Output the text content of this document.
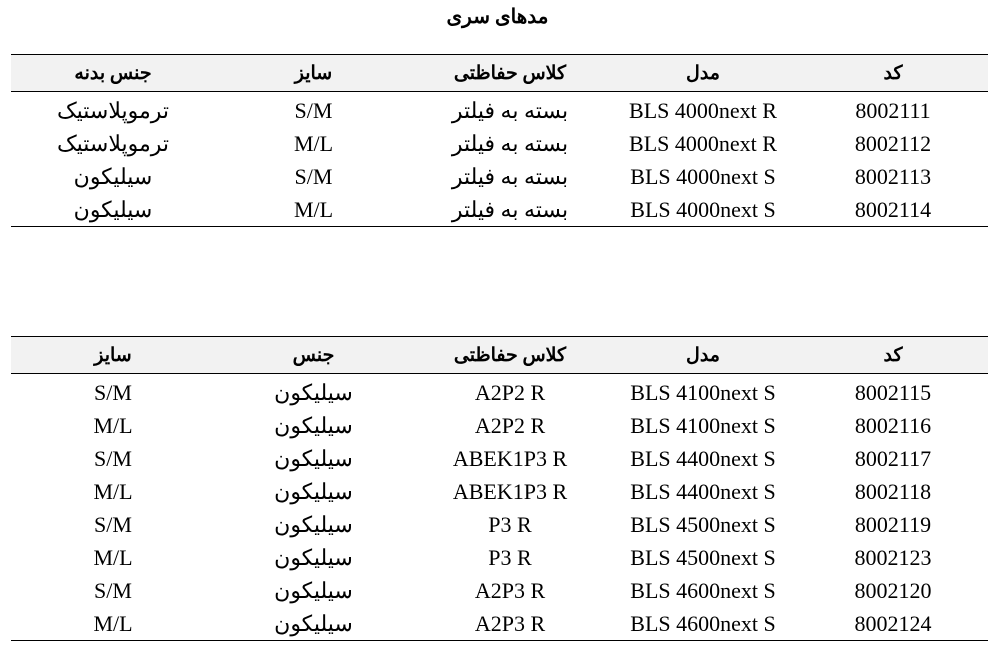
مدهای سری
کد	مدل	کلاس حفاظتی	سایز	جنس بدنه
8002111	BLS 4000next R	بسته به فیلتر	S/M	ترموپلاستیک
8002112	BLS 4000next R	بسته به فیلتر	M/L	ترموپلاستیک
8002113	BLS 4000next S	بسته به فیلتر	S/M	سیلیکون
8002114	BLS 4000next S	بسته به فیلتر	M/L	سیلیکون
کد	مدل	کلاس حفاظتی	جنس	سایز
8002115	BLS 4100next S	A2P2 R	سیلیکون	S/M
8002116	BLS 4100next S	A2P2 R	سیلیکون	M/L
8002117	BLS 4400next S	ABEK1P3 R	سیلیکون	S/M
8002118	BLS 4400next S	ABEK1P3 R	سیلیکون	M/L
8002119	BLS 4500next S	P3 R	سیلیکون	S/M
8002123	BLS 4500next S	P3 R	سیلیکون	M/L
8002120	BLS 4600next S	A2P3 R	سیلیکون	S/M
8002124	BLS 4600next S	A2P3 R	سیلیکون	M/L
